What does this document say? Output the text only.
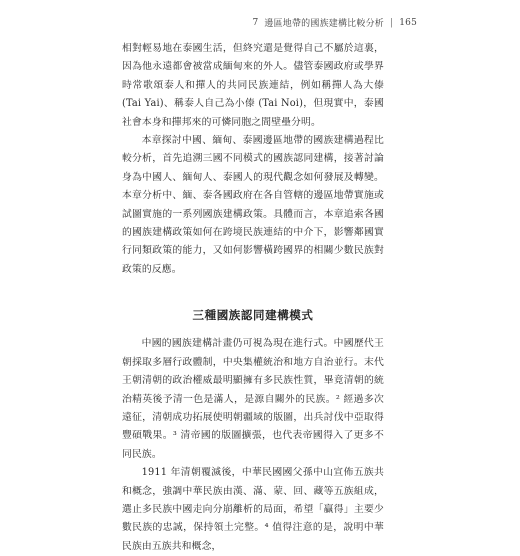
7 邊區地帶的國族建構比較分析 | 165

相對輕易地在泰國生活，但終究還是覺得自己不屬於這裏，因為他永遠都會被當成緬甸來的外人。儘管泰國政府或學界時常歌頌泰人和撣人的共同民族連結，例如稱撣人為大傣 (Tai Yai)、稱泰人自己為小傣 (Tai Noi)，但現實中，泰國社會本身和撣邦來的可憐同胞之間壁壘分明。

本章探討中國、緬甸、泰國邊區地帶的國族建構過程比較分析，首先追溯三國不同模式的國族認同建構，接著討論身為中國人、緬甸人、泰國人的現代觀念如何發展及轉變。本章分析中、緬、泰各國政府在各自管轄的邊區地帶實施或試圖實施的一系列國族建構政策。具體而言，本章追索各國的國族建構政策如何在跨境民族連結的中介下，影響鄰國實行同類政策的能力，又如何影響橫跨國界的相關少數民族對政策的反應。

三種國族認同建構模式

中國的國族建構計畫仍可視為現在進行式。中國歷代王朝採取多層行政體制，中央集權統治和地方自治並行。末代王朝清朝的政治權威最明顯擁有多民族性質，畢竟清朝的統治精英後予清一色是滿人，是源自關外的民族。² 經過多次遠征，清朝成功拓展使明朝疆域的版圖，出兵討伐中亞取得豐碩戰果。³ 清帝國的版圖擴張，也代表帝國得入了更多不同民族。

1911 年清朝覆滅後，中華民國國父孫中山宣佈五族共和概念，強調中華民族由漢、滿、蒙、回、藏等五族組成，選止多民族中國走向分崩離析的局面，希望「贏得」主要少數民族的忠誠，保持領土完整。⁴ 值得注意的是，說明中華民族由五族共和概念，
